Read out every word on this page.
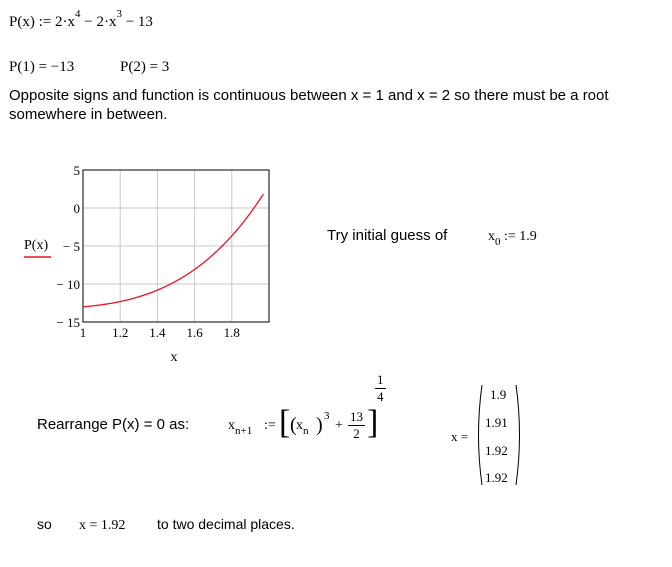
P(x) := $2\cdot x^4 - 2\cdot x^3 - 13$
P(1) = −13	P(2) = 3
Opposite signs and function is continuous between x = 1 and x = 2 so there must be a root
somewhere in between.
5
0
− 5
− 10
− 15
1 1.2 1.4 1.6 1.8
P(x)
x
Try initial guess of	$x_0$ := 1.9
Rearrange P(x) = 0 as:	$x_{n+1}$ := [ ( $x_n$ ) 3
+ $\frac{13}{2}$ ]
$\frac{1}{4}$
x =
1.9
1.91
1.92
1.92
so x = 1.92 to two decimal places.
